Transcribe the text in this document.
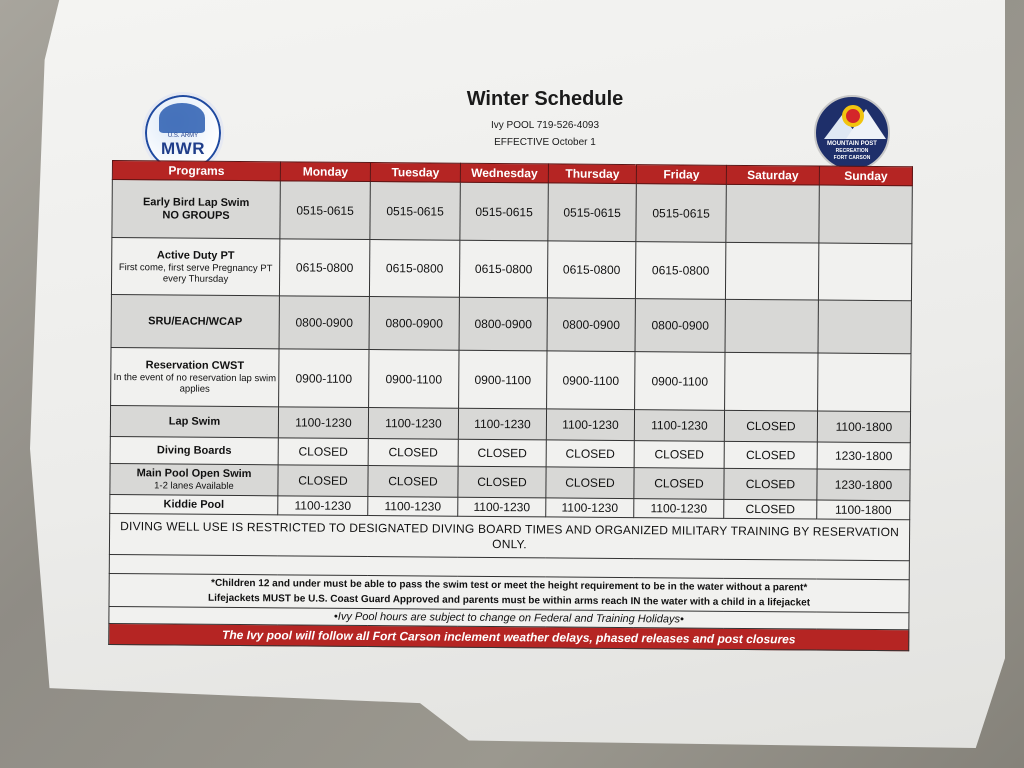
U.S. ARMY
MWR	MOUNTAIN POST
RECREATION
FORT CARSON
Winter Schedule
Ivy POOL 719-526-4093
EFFECTIVE October 1
Programs	Monday	Tuesday	Wednesday	Thursday	Friday	Saturday	Sunday

Early Bird Lap Swim
NO GROUPS	0515-0615	0515-0615	0515-0615	0515-0615	0515-0615		

Active Duty PT
First come, first serve Pregnancy PT every Thursday	0615-0800	0615-0800	0615-0800	0615-0800	0615-0800		

SRU/EACH/WCAP	0800-0900	0800-0900	0800-0900	0800-0900	0800-0900		

Reservation CWST
In the event of no reservation lap swim applies	0900-1100	0900-1100	0900-1100	0900-1100	0900-1100		

Lap Swim	1100-1230	1100-1230	1100-1230	1100-1230	1100-1230	CLOSED	1100-1800

Diving Boards	CLOSED	CLOSED	CLOSED	CLOSED	CLOSED	CLOSED	1230-1800

Main Pool Open Swim
1-2 lanes Available	CLOSED	CLOSED	CLOSED	CLOSED	CLOSED	CLOSED	1230-1800

Kiddie Pool	1100-1230	1100-1230	1100-1230	1100-1230	1100-1230	CLOSED	1100-1800
DIVING WELL USE IS RESTRICTED TO DESIGNATED DIVING BOARD TIMES AND ORGANIZED MILITARY TRAINING BY RESERVATION ONLY.							

*Children 12 and under must be able to pass the swim test or meet the height requirement to be in the water without a parent*
Lifejackets MUST be U.S. Coast Guard Approved and parents must be within arms reach IN the water with a child in a lifejacket							

•Ivy Pool hours are subject to change on Federal and Training Holidays•							
The Ivy pool will follow all Fort Carson inclement weather delays, phased releases and post closures							
